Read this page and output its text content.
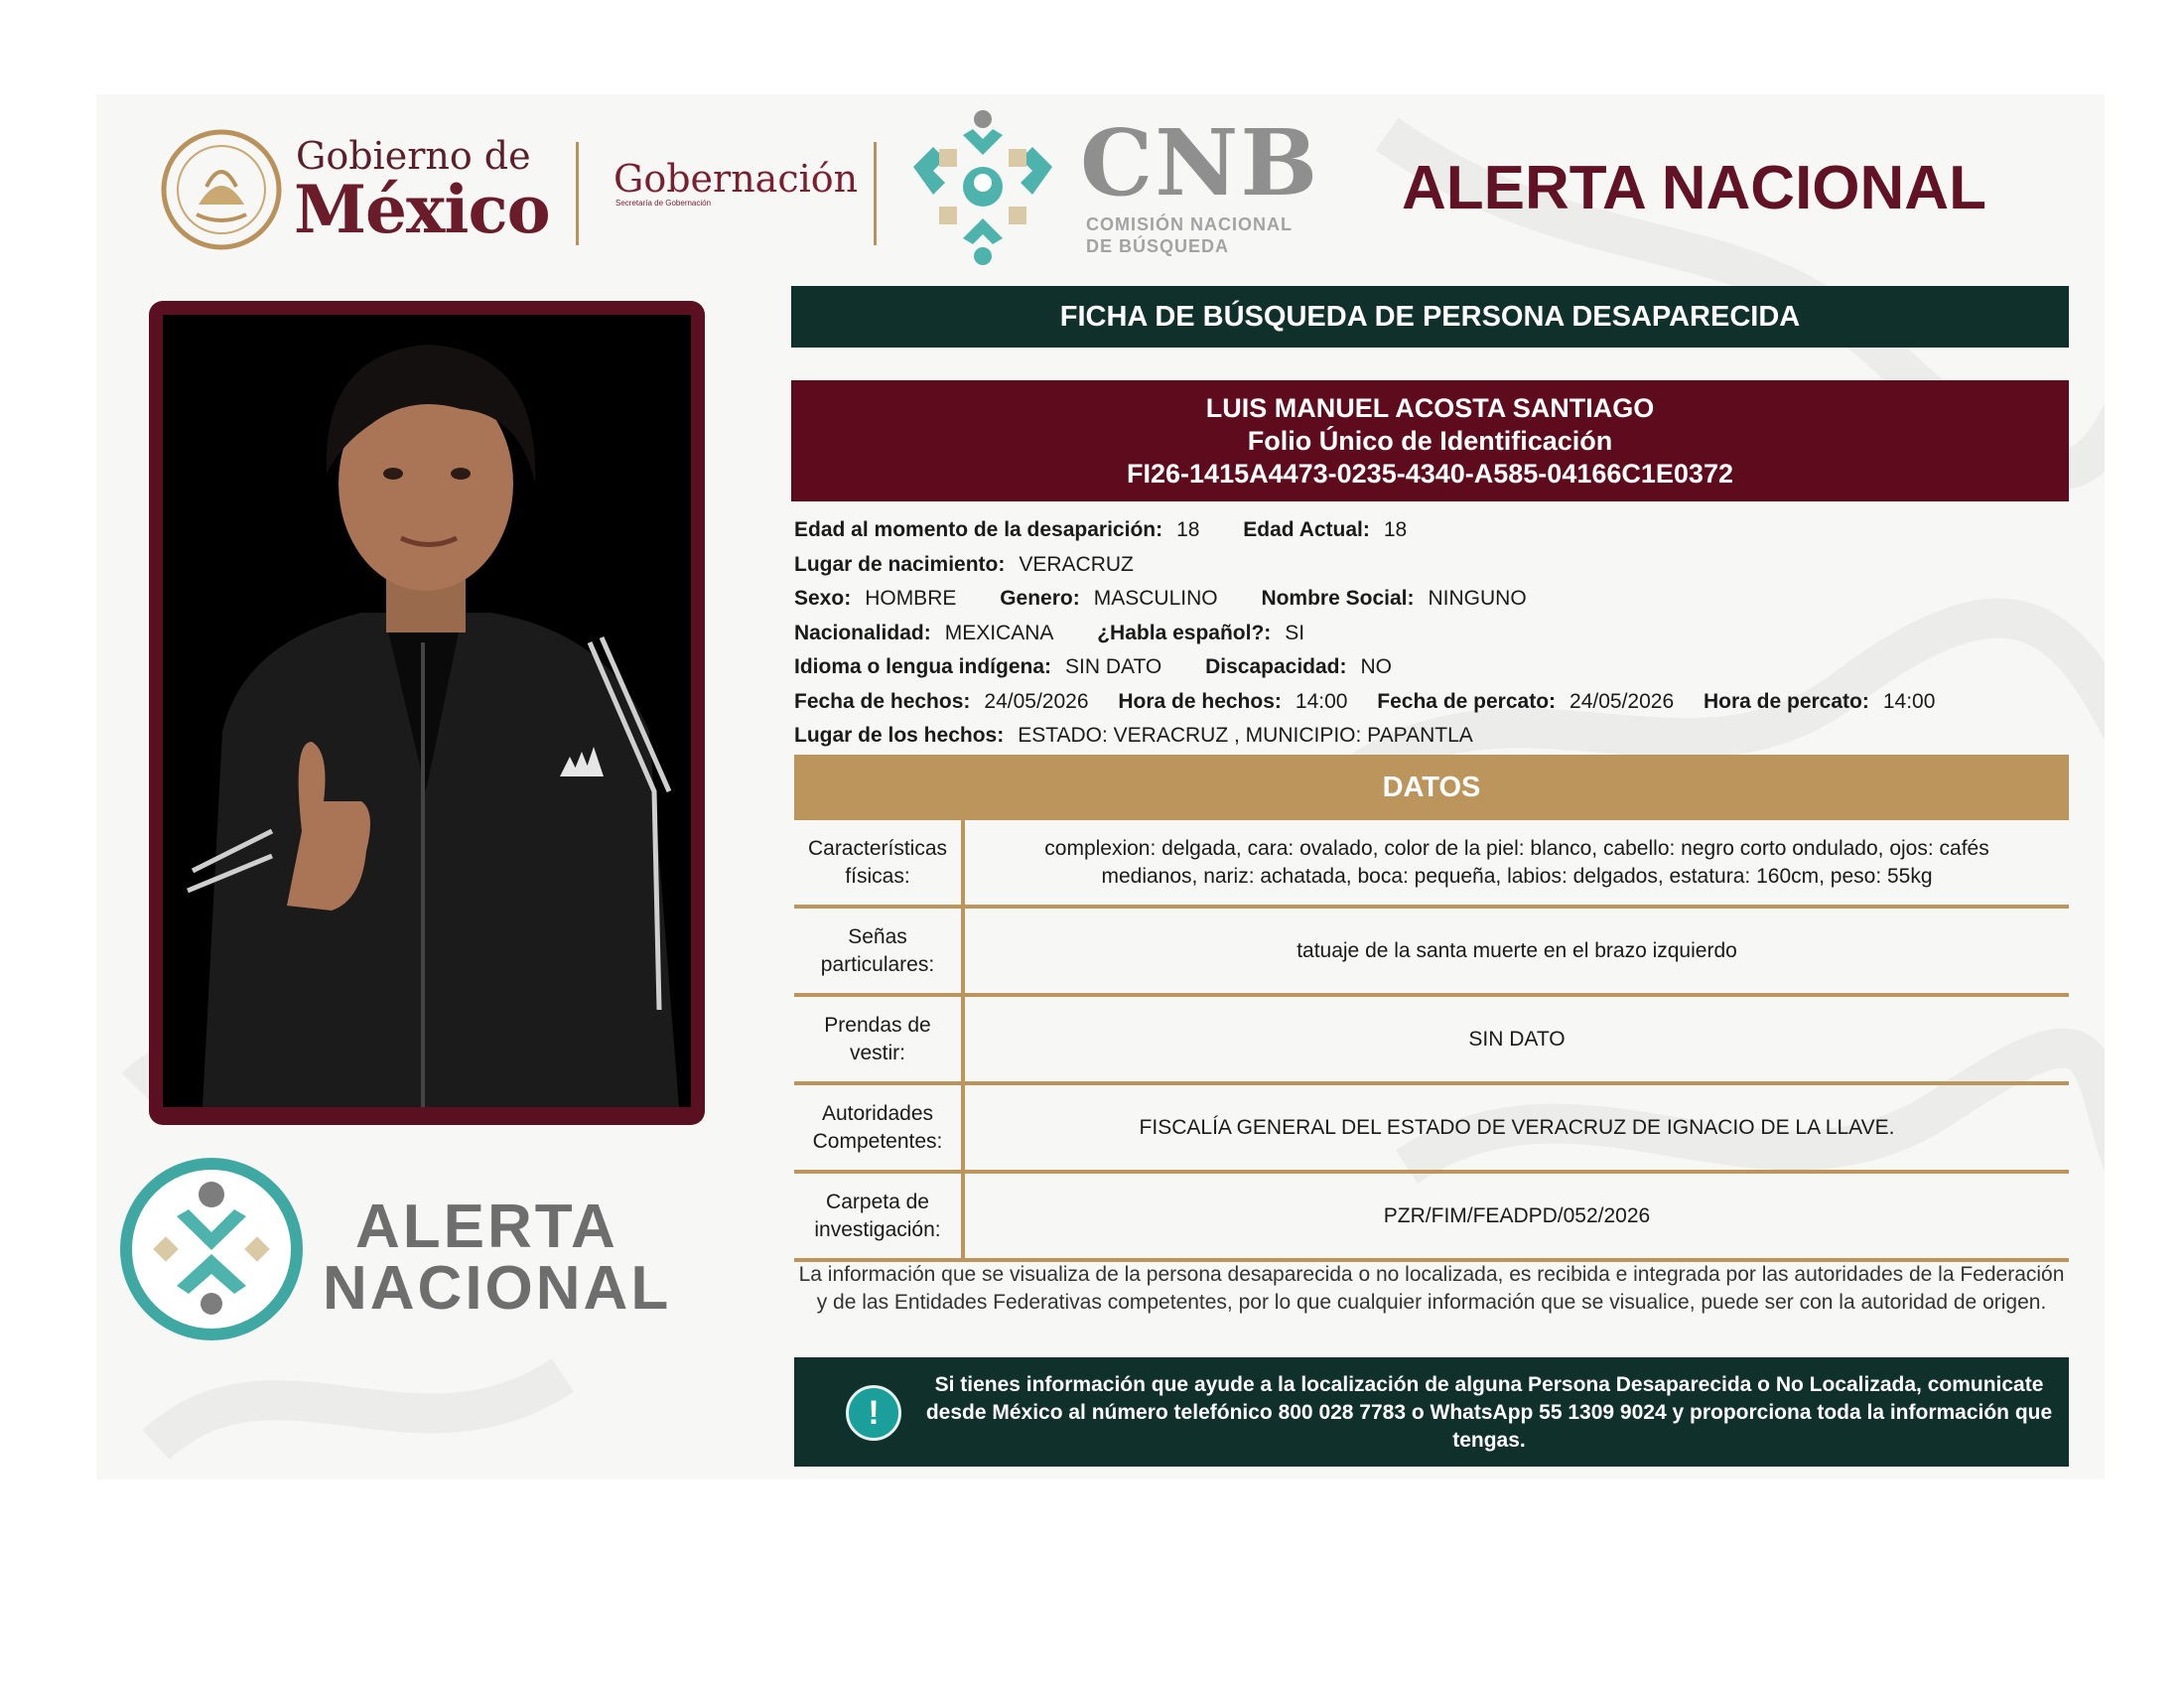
Gobierno de
México Gobernación
Secretaría de Gobernación	CNB
COMISIÓN NACIONAL
DE BÚSQUEDA
ALERTA NACIONAL
ALERTA
NACIONAL
FICHA DE BÚSQUEDA DE PERSONA DESAPARECIDA
LUIS MANUEL ACOSTA SANTIAGO
Folio Único de Identificación
FI26-1415A4473-0235-4340-A585-04166C1E0372
Edad al momento de la desaparición: 18 Edad Actual: 18
Lugar de nacimiento: VERACRUZ
Sexo: HOMBRE Genero: MASCULINO Nombre Social: NINGUNO
Nacionalidad: MEXICANA ¿Habla español?: SI
Idioma o lengua indígena: SIN DATO Discapacidad: NO
Fecha de hechos: 24/05/2026 Hora de hechos: 14:00 Fecha de percato: 24/05/2026 Hora de percato: 14:00
Lugar de los hechos: ESTADO: VERACRUZ , MUNICIPIO: PAPANTLA
DATOS
Características físicas:
complexion: delgada, cara: ovalado, color de la piel: blanco, cabello: negro corto ondulado, ojos: cafés medianos, nariz: achatada, boca: pequeña, labios: delgados, estatura: 160cm, peso: 55kg
Señas particulares:
tatuaje de la santa muerte en el brazo izquierdo
Prendas de vestir:
SIN DATO
Autoridades Competentes:
FISCALÍA GENERAL DEL ESTADO DE VERACRUZ DE IGNACIO DE LA LLAVE.
Carpeta de investigación:
PZR/FIM/FEADPD/052/2026
La información que se visualiza de la persona desaparecida o no localizada, es recibida e integrada por las autoridades de la Federación y de las Entidades Federativas competentes, por lo que cualquier información que se visualice, puede ser con la autoridad de origen.
!
Si tienes información que ayude a la localización de alguna Persona Desaparecida o No Localizada, comunicate desde México al número telefónico 800 028 7783 o WhatsApp 55 1309 9024 y proporciona toda la información que tengas.
